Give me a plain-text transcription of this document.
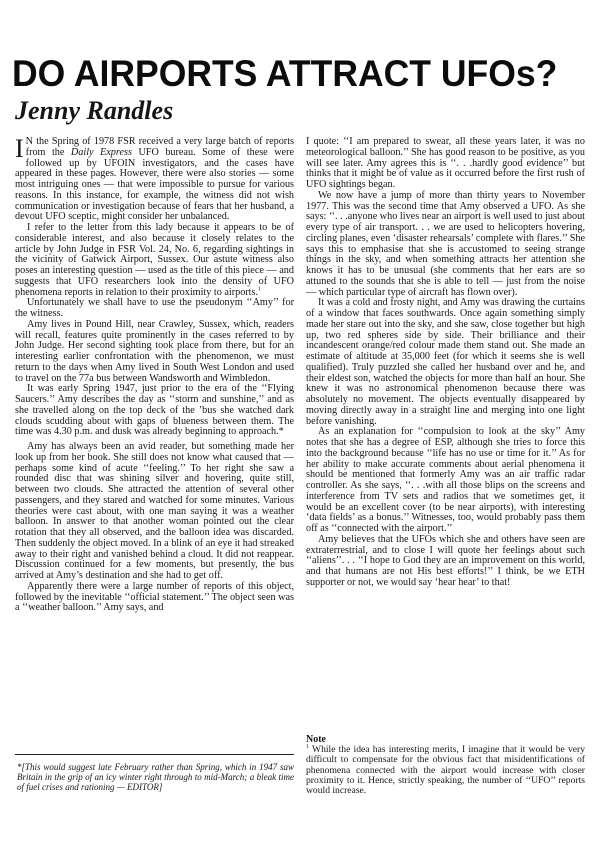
DO AIRPORTS ATTRACT UFOs?
Jenny Randles

I N the Spring of 1978 FSR received a very large batch of reports from the Daily Express UFO bureau. Some of these were followed up by UFOIN investigators, and the cases have appeared in these pages. However, there were also stories — some most intriguing ones — that were impossible to pursue for various reasons. In this instance, for example, the witness did not wish communication or investigation because of fears that her husband, a devout UFO sceptic, might consider her unbalanced.

I refer to the letter from this lady because it appears to be of considerable interest, and also because it closely relates to the article by John Judge in FSR Vol. 24, No. 6, regarding sightings in the vicinity of Gatwick Airport, Sussex. Our astute witness also poses an interesting question — used as the title of this piece — and suggests that UFO researchers look into the density of UFO phenomena reports in relation to their proximity to airports.$^1$

Unfortunately we shall have to use the pseudonym ‘‘Amy’’ for the witness.

Amy lives in Pound Hill, near Crawley, Sussex, which, readers will recall, features quite prominently in the cases referred to by John Judge. Her second sighting took place from there, but for an interesting earlier confrontation with the phenomenon, we must return to the days when Amy lived in South West London and used to travel on the 77a bus between Wandsworth and Wimbledon.

It was early Spring 1947, just prior to the era of the ‘‘Flying Saucers.’’ Amy describes the day as ‘‘storm and sunshine,’’ and as she travelled along on the top deck of the ’bus she watched dark clouds scudding about with gaps of blueness between them. The time was 4.30 p.m. and dusk was already beginning to approach.*

Amy has always been an avid reader, but something made her look up from her book. She still does not know what caused that — perhaps some kind of acute ‘‘feeling.’’ To her right she saw a rounded disc that was shining silver and hovering, quite still, between two clouds. She attracted the attention of several other passengers, and they stared and watched for some minutes. Various theories were cast about, with one man saying it was a weather balloon. In answer to that another woman pointed out the clear rotation that they all observed, and the balloon idea was discarded. Then suddenly the object moved. In a blink of an eye it had streaked away to their right and vanished behind a cloud. It did not reappear. Discussion continued for a few moments, but presently, the bus arrived at Amy’s destination and she had to get off.

Apparently there were a large number of reports of this object, followed by the inevitable ‘‘official statement.’’ The object seen was a ‘‘weather balloon.’’ Amy says, and

*[This would suggest late February rather than Spring, which in 1947 saw Britain in the grip of an icy winter right through to mid-March; a bleak time of fuel crises and rationing — EDITOR]

I quote: ‘‘I am prepared to swear, all these years later, it was no meteorological balloon.’’ She has good reason to be positive, as you will see later. Amy agrees this is ‘‘. . .hardly good evidence’’ but thinks that it might be of value as it occurred before the first rush of UFO sightings began.

We now have a jump of more than thirty years to November 1977. This was the second time that Amy observed a UFO. As she says: ‘‘. . .anyone who lives near an airport is well used to just about every type of air transport. . . we are used to helicopters hovering, circling planes, even ‘disaster rehearsals’ complete with flares.’’ She says this to emphasise that she is accustomed to seeing strange things in the sky, and when something attracts her attention she knows it has to be unusual (she comments that her ears are so attuned to the sounds that she is able to tell — just from the noise — which particular type of aircraft has flown over).

It was a cold and frosty night, and Amy was drawing the curtains of a window that faces southwards. Once again something simply made her stare out into the sky, and she saw, close together but high up, two red spheres side by side. Their brilliance and their incandescent orange/red colour made them stand out. She made an estimate of altitude at 35,000 feet (for which it seems she is well qualified). Truly puzzled she called her husband over and he, and their eldest son, watched the objects for more than half an hour. She knew it was no astronomical phenomenon because there was absolutely no movement. The objects eventually disappeared by moving directly away in a straight line and merging into one light before vanishing.

As an explanation for ‘‘compulsion to look at the sky’’ Amy notes that she has a degree of ESP, although she tries to force this into the background because ‘‘life has no use or time for it.’’ As for her ability to make accurate comments about aerial phenomena it should be mentioned that formerly Amy was an air traffic radar controller. As she says, ‘‘. . .with all those blips on the screens and interference from TV sets and radios that we sometimes get, it would be an excellent cover (to be near airports), with interesting ‘data fields’ as a bonus.’’ Witnesses, too, would probably pass them off as ‘‘connected with the airport.’’

Amy believes that the UFOs which she and others have seen are extraterrestrial, and to close I will quote her feelings about such ‘‘aliens’’. . . ‘‘I hope to God they are an improvement on this world, and that humans are not His best efforts!’’ I think, be we ETH supporter or not, we would say ‘hear hear’ to that!

Note

$^1$ While the idea has interesting merits, I imagine that it would be very difficult to compensate for the obvious fact that misidentifications of phenomena connected with the airport would increase with closer proximity to it. Hence, strictly speaking, the number of ‘‘UFO’’ reports would increase.
